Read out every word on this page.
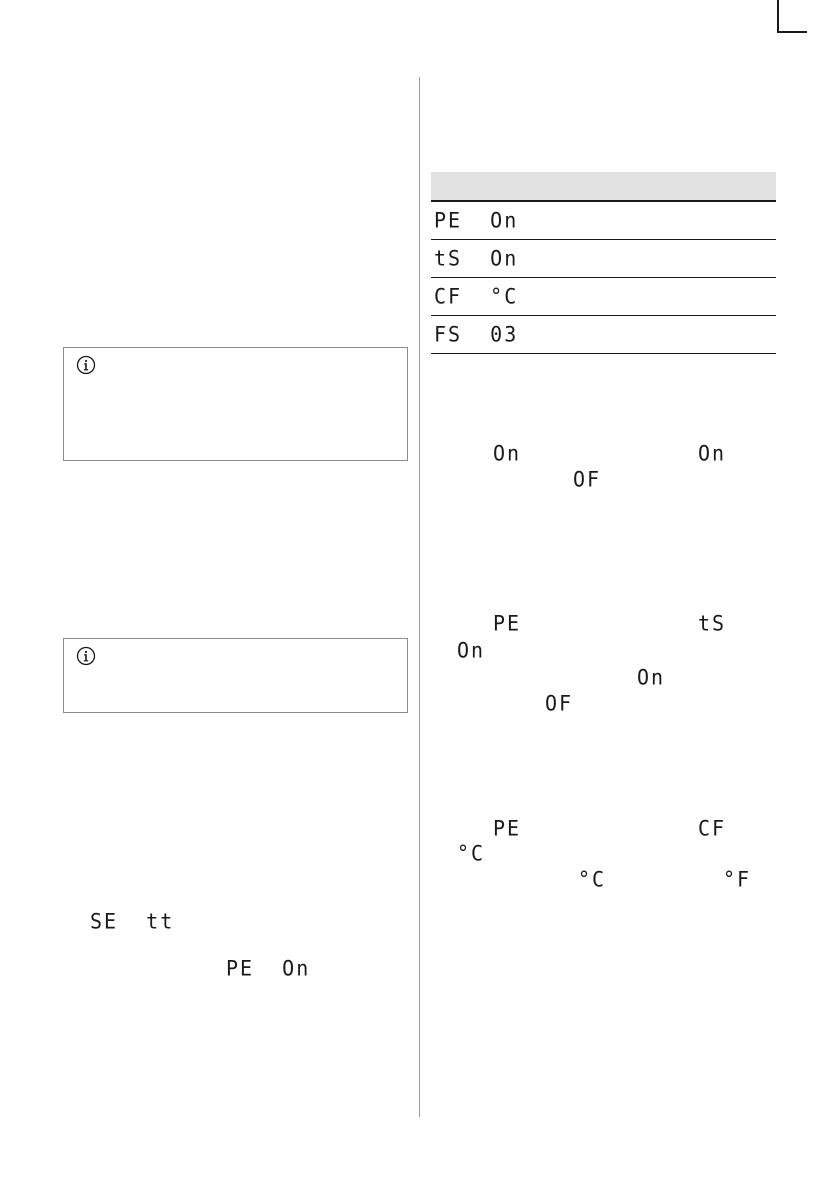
SE  tt
PE  On
PE  On
tS  On
CF  °C
FS  03
On	On
OF
PE	tS
On
On
OF
PE	CF
°C
°C	°F
